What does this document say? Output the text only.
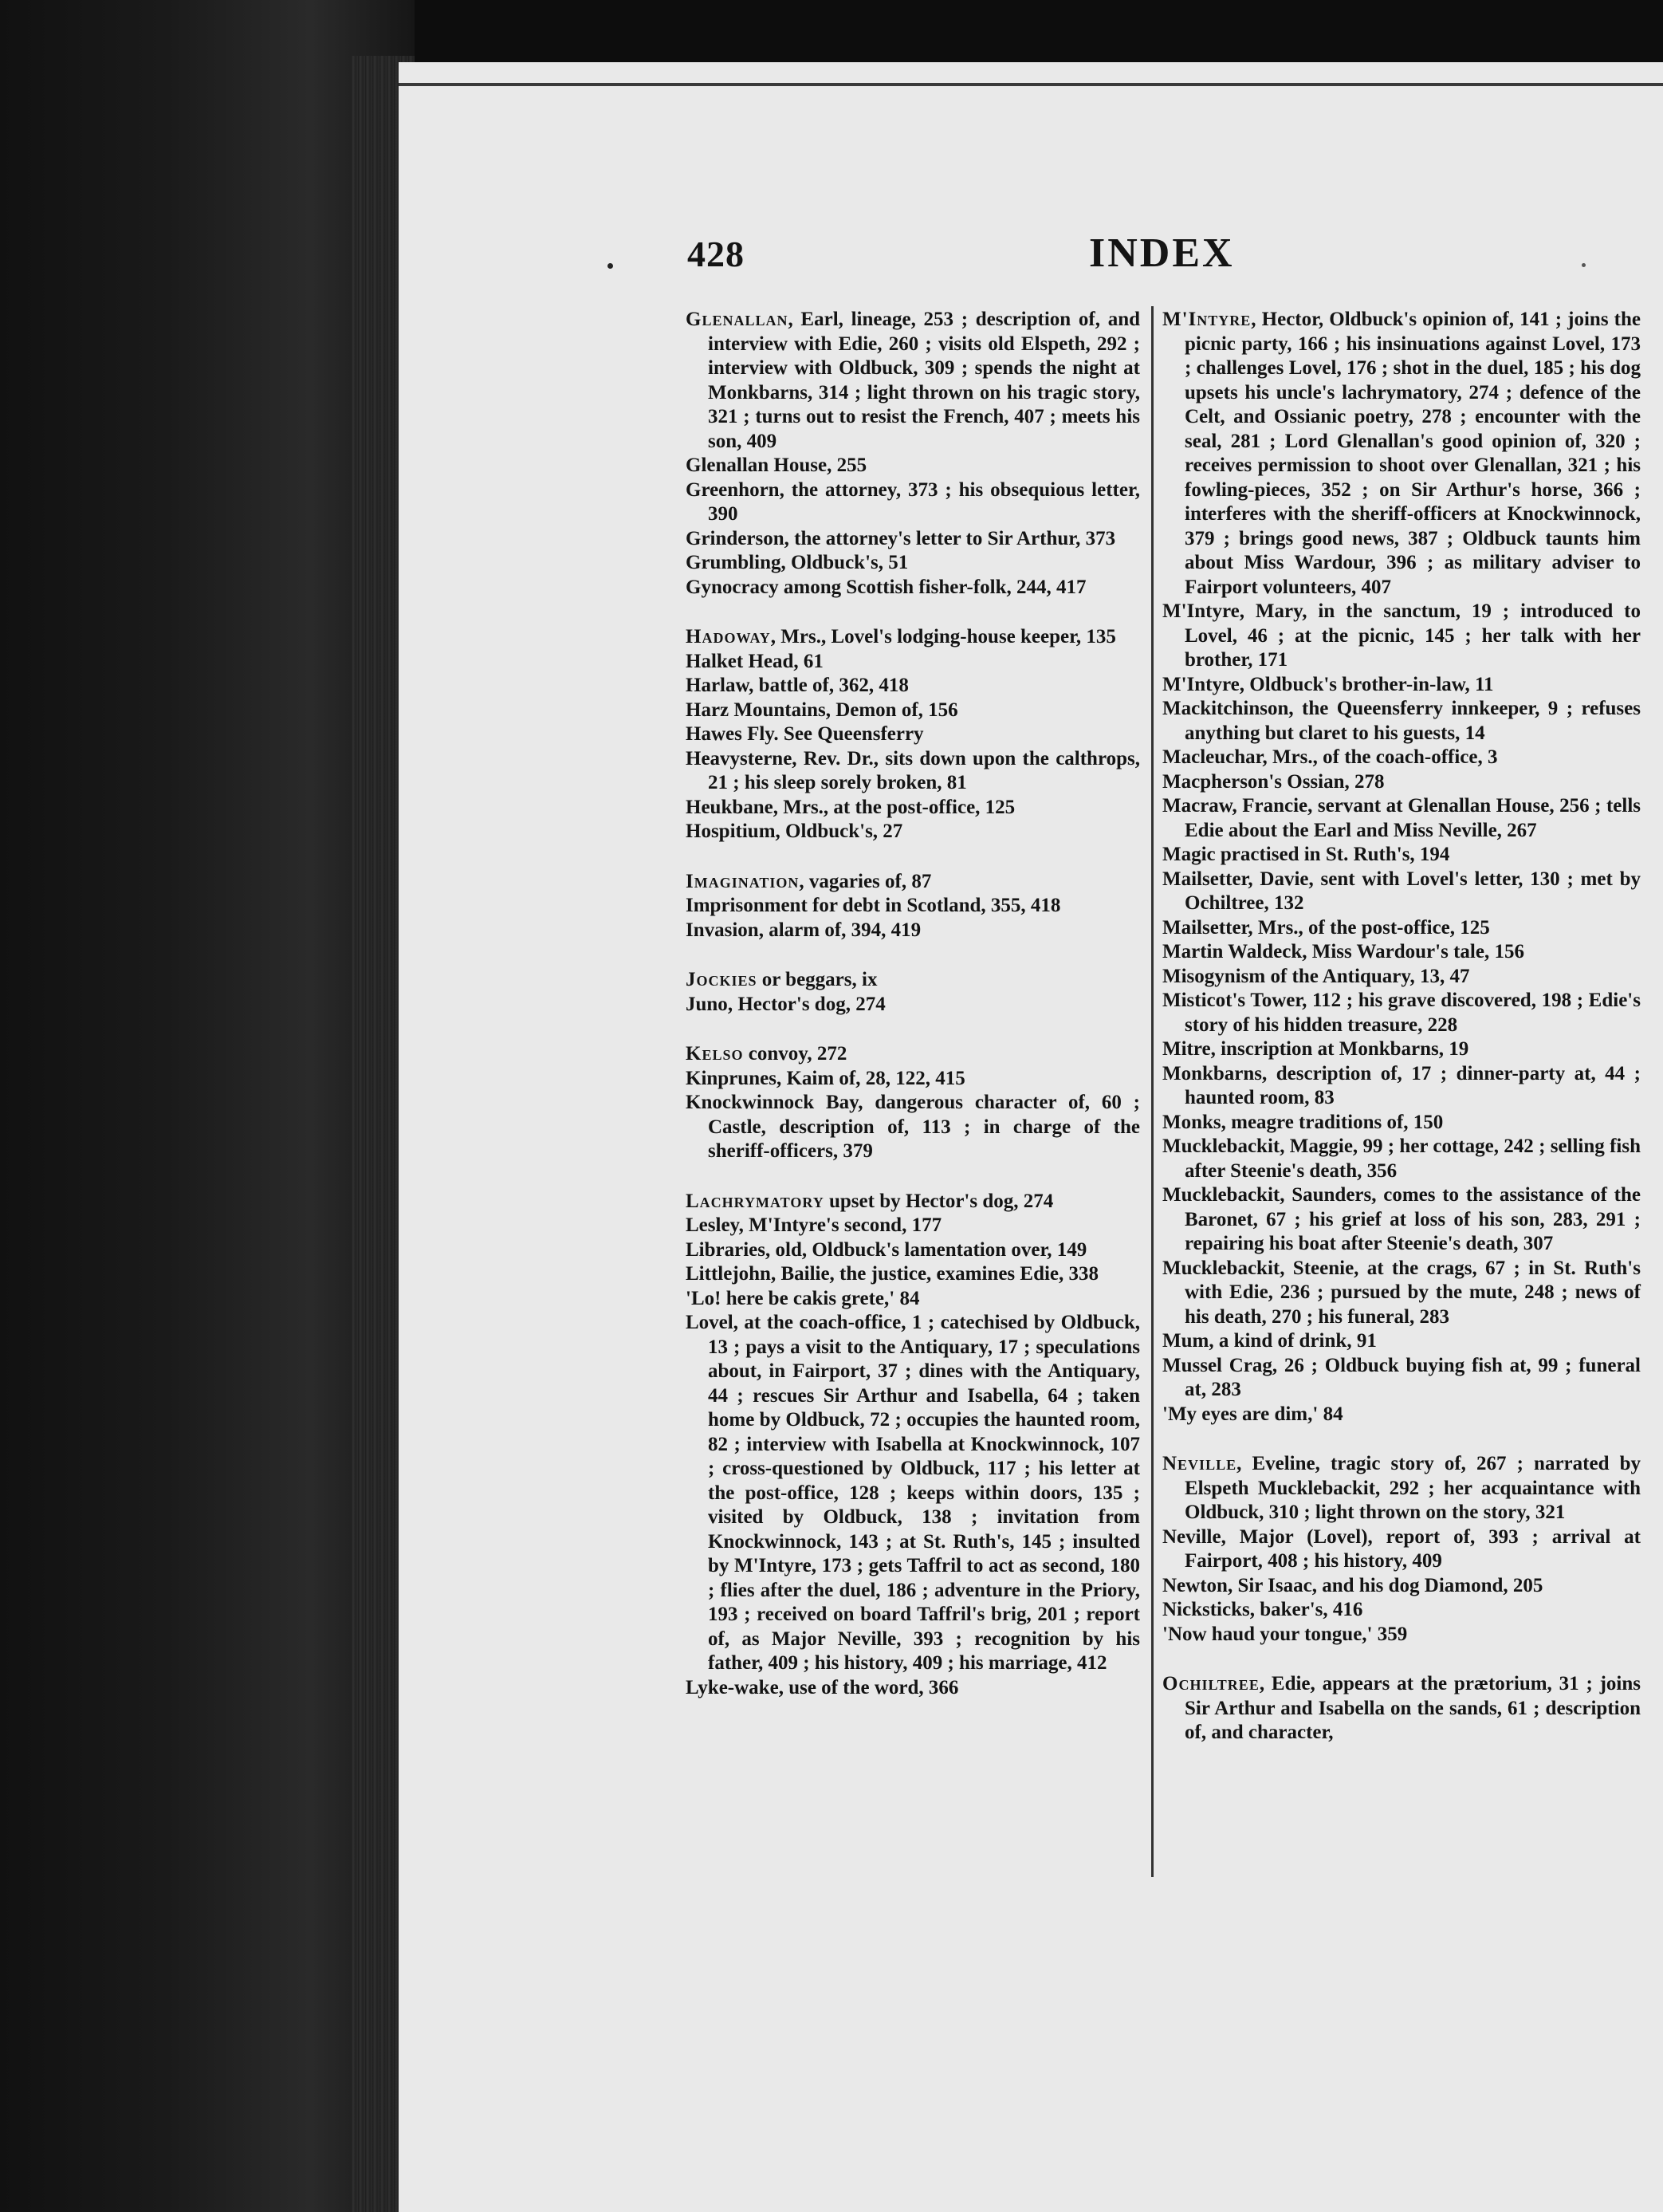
428	INDEX

Glenallan, Earl, lineage, 253 ; description of, and interview with Edie, 260 ; visits old Elspeth, 292 ; interview with Oldbuck, 309 ; spends the night at Monkbarns, 314 ; light thrown on his tragic story, 321 ; turns out to resist the French, 407 ; meets his son, 409

Glenallan House, 255

Greenhorn, the attorney, 373 ; his obsequious letter, 390

Grinderson, the attorney's letter to Sir Arthur, 373

Grumbling, Oldbuck's, 51

Gynocracy among Scottish fisher-folk, 244, 417

Hadoway, Mrs., Lovel's lodging-house keeper, 135

Halket Head, 61

Harlaw, battle of, 362, 418

Harz Mountains, Demon of, 156

Hawes Fly. See Queensferry

Heavysterne, Rev. Dr., sits down upon the calthrops, 21 ; his sleep sorely broken, 81

Heukbane, Mrs., at the post-office, 125

Hospitium, Oldbuck's, 27

Imagination, vagaries of, 87

Imprisonment for debt in Scotland, 355, 418

Invasion, alarm of, 394, 419

Jockies or beggars, ix

Juno, Hector's dog, 274

Kelso convoy, 272

Kinprunes, Kaim of, 28, 122, 415

Knockwinnock Bay, dangerous character of, 60 ; Castle, description of, 113 ; in charge of the sheriff-officers, 379

Lachrymatory upset by Hector's dog, 274

Lesley, M'Intyre's second, 177

Libraries, old, Oldbuck's lamentation over, 149

Littlejohn, Bailie, the justice, examines Edie, 338

'Lo! here be cakis grete,' 84

Lovel, at the coach-office, 1 ; catechised by Oldbuck, 13 ; pays a visit to the Antiquary, 17 ; speculations about, in Fairport, 37 ; dines with the Antiquary, 44 ; rescues Sir Arthur and Isabella, 64 ; taken home by Oldbuck, 72 ; occupies the haunted room, 82 ; interview with Isabella at Knockwinnock, 107 ; cross-questioned by Oldbuck, 117 ; his letter at the post-office, 128 ; keeps within doors, 135 ; visited by Oldbuck, 138 ; invitation from Knockwinnock, 143 ; at St. Ruth's, 145 ; insulted by M'Intyre, 173 ; gets Taffril to act as second, 180 ; flies after the duel, 186 ; adventure in the Priory, 193 ; received on board Taffril's brig, 201 ; report of, as Major Neville, 393 ; recognition by his father, 409 ; his history, 409 ; his marriage, 412

Lyke-wake, use of the word, 366

M'Intyre, Hector, Oldbuck's opinion of, 141 ; joins the picnic party, 166 ; his insinuations against Lovel, 173 ; challenges Lovel, 176 ; shot in the duel, 185 ; his dog upsets his uncle's lachrymatory, 274 ; defence of the Celt, and Ossianic poetry, 278 ; encounter with the seal, 281 ; Lord Glenallan's good opinion of, 320 ; receives permission to shoot over Glenallan, 321 ; his fowling-pieces, 352 ; on Sir Arthur's horse, 366 ; interferes with the sheriff-officers at Knockwinnock, 379 ; brings good news, 387 ; Oldbuck taunts him about Miss Wardour, 396 ; as military adviser to Fairport volunteers, 407

M'Intyre, Mary, in the sanctum, 19 ; introduced to Lovel, 46 ; at the picnic, 145 ; her talk with her brother, 171

M'Intyre, Oldbuck's brother-in-law, 11

Mackitchinson, the Queensferry innkeeper, 9 ; refuses anything but claret to his guests, 14

Macleuchar, Mrs., of the coach-office, 3

Macpherson's Ossian, 278

Macraw, Francie, servant at Glenallan House, 256 ; tells Edie about the Earl and Miss Neville, 267

Magic practised in St. Ruth's, 194

Mailsetter, Davie, sent with Lovel's letter, 130 ; met by Ochiltree, 132

Mailsetter, Mrs., of the post-office, 125

Martin Waldeck, Miss Wardour's tale, 156

Misogynism of the Antiquary, 13, 47

Misticot's Tower, 112 ; his grave discovered, 198 ; Edie's story of his hidden treasure, 228

Mitre, inscription at Monkbarns, 19

Monkbarns, description of, 17 ; dinner-party at, 44 ; haunted room, 83

Monks, meagre traditions of, 150

Mucklebackit, Maggie, 99 ; her cottage, 242 ; selling fish after Steenie's death, 356

Mucklebackit, Saunders, comes to the assistance of the Baronet, 67 ; his grief at loss of his son, 283, 291 ; repairing his boat after Steenie's death, 307

Mucklebackit, Steenie, at the crags, 67 ; in St. Ruth's with Edie, 236 ; pursued by the mute, 248 ; news of his death, 270 ; his funeral, 283

Mum, a kind of drink, 91

Mussel Crag, 26 ; Oldbuck buying fish at, 99 ; funeral at, 283

'My eyes are dim,' 84

Neville, Eveline, tragic story of, 267 ; narrated by Elspeth Mucklebackit, 292 ; her acquaintance with Oldbuck, 310 ; light thrown on the story, 321

Neville, Major (Lovel), report of, 393 ; arrival at Fairport, 408 ; his history, 409

Newton, Sir Isaac, and his dog Diamond, 205

Nicksticks, baker's, 416

'Now haud your tongue,' 359

Ochiltree, Edie, appears at the prætorium, 31 ; joins Sir Arthur and Isabella on the sands, 61 ; description of, and character,
